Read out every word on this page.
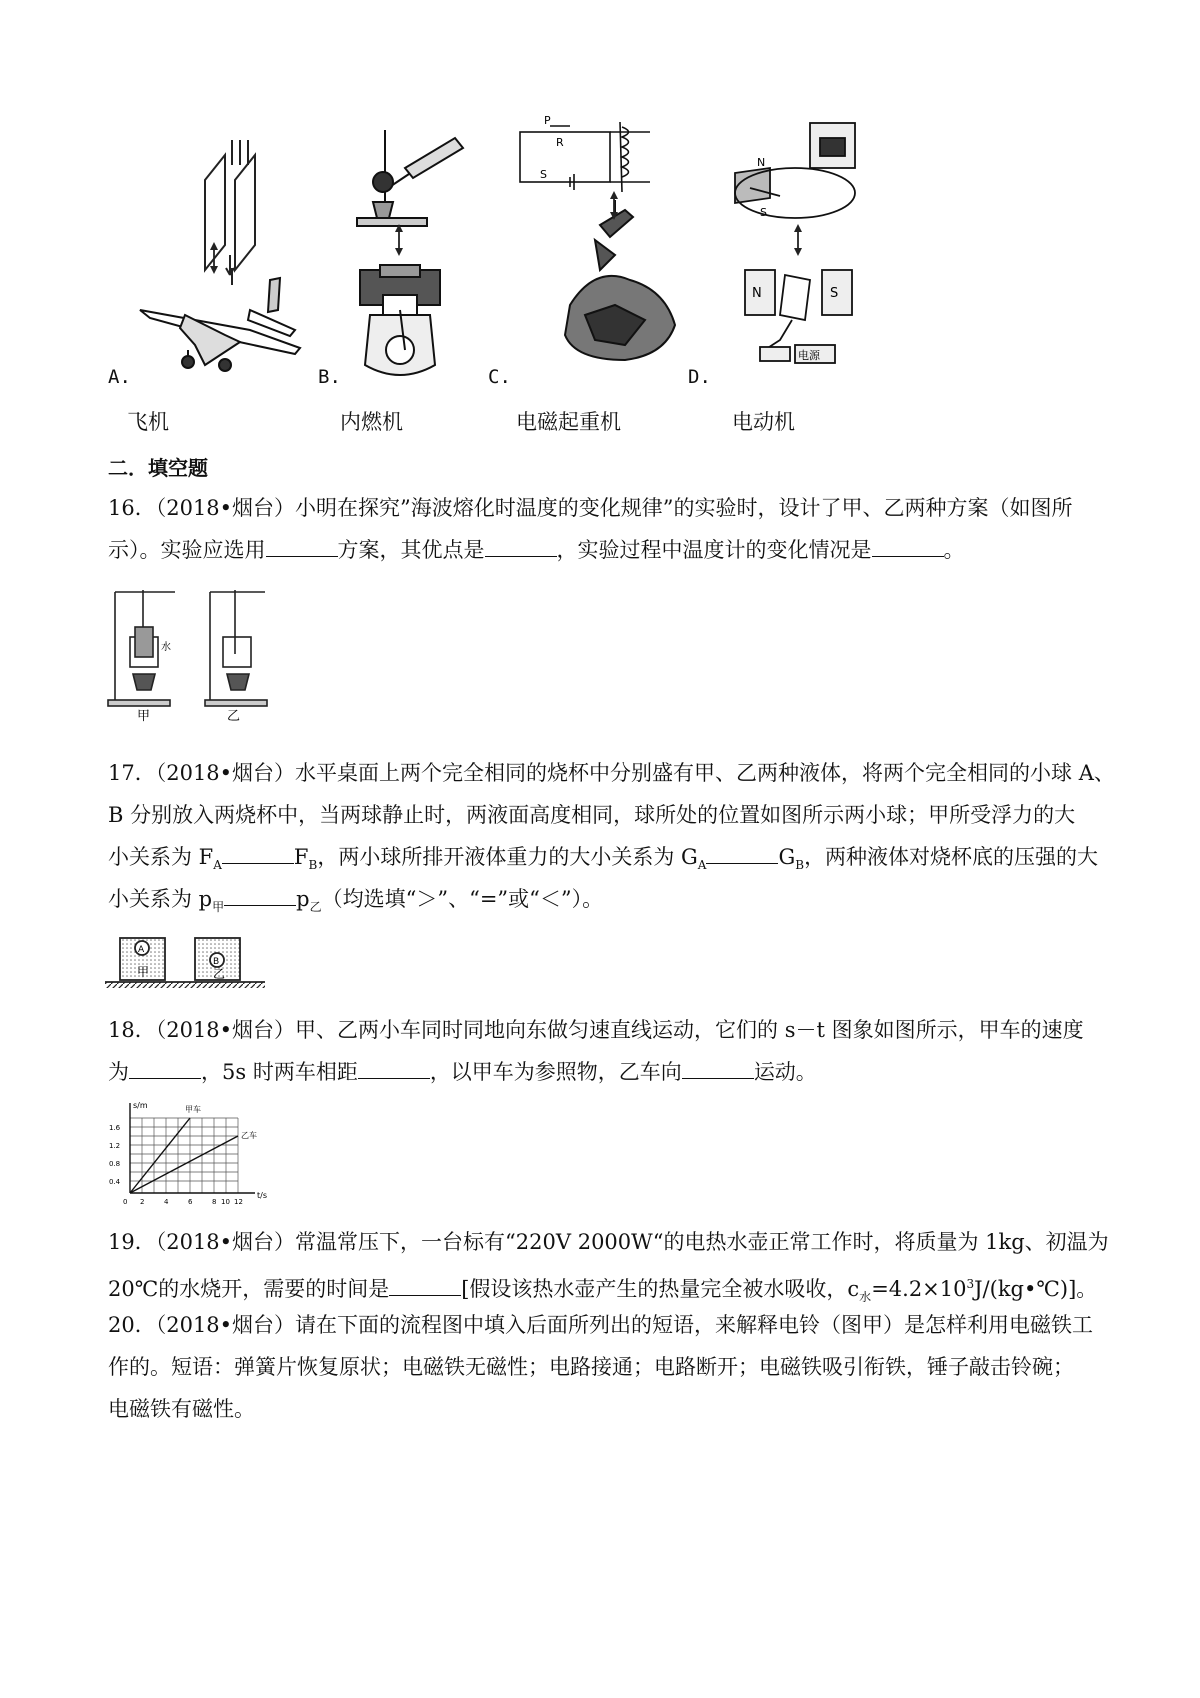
P
R
S
N
S
N	S
电源
A.	B.	C.	D.
飞机	内燃机	电磁起重机	电动机
二．填空题
16．（2018•烟台）小明在探究”海波熔化时温度的变化规律”的实验时，设计了甲、乙两种方案（如图所
示）。实验应选用	方案，其优点是	，实验过程中温度计的变化情况是	。
甲	乙
水
17．（2018•烟台）水平桌面上两个完全相同的烧杯中分别盛有甲、乙两种液体，将两个完全相同的小球 A、
B 分别放入两烧杯中，当两球静止时，两液面高度相同，球所处的位置如图所示两小球；甲所受浮力的大
小关系为 $F_A$	$F_B$，两小球所排开液体重力的大小关系为 $G_A$	$G_B$，两种液体对烧杯底的压强的大
小关系为 $p_甲$	$p_乙$（均选填“＞”、“=”或“＜”）。
A
B
甲	乙
18．（2018•烟台）甲、乙两小车同时同地向东做匀速直线运动，它们的 s－t 图象如图所示，甲车的速度
为	，5s 时两车相距	，以甲车为参照物，乙车向	运动。
s/m
t/s
甲车
乙车
1.6
1.2
0.8
0.4
0 2	4	6	8 10 12
19．（2018•烟台）常温常压下，一台标有“220V 2000W“的电热水壶正常工作时，将质量为 1kg、初温为
20℃的水烧开，需要的时间是	[假设该热水壶产生的热量完全被水吸收，$c_水=4.2\times 10^3J/(kg•℃)$]。
20．（2018•烟台）请在下面的流程图中填入后面所列出的短语，来解释电铃（图甲）是怎样利用电磁铁工
作的。短语：弹簧片恢复原状；电磁铁无磁性；电路接通；电路断开；电磁铁吸引衔铁，锤子敲击铃碗；
电磁铁有磁性。
